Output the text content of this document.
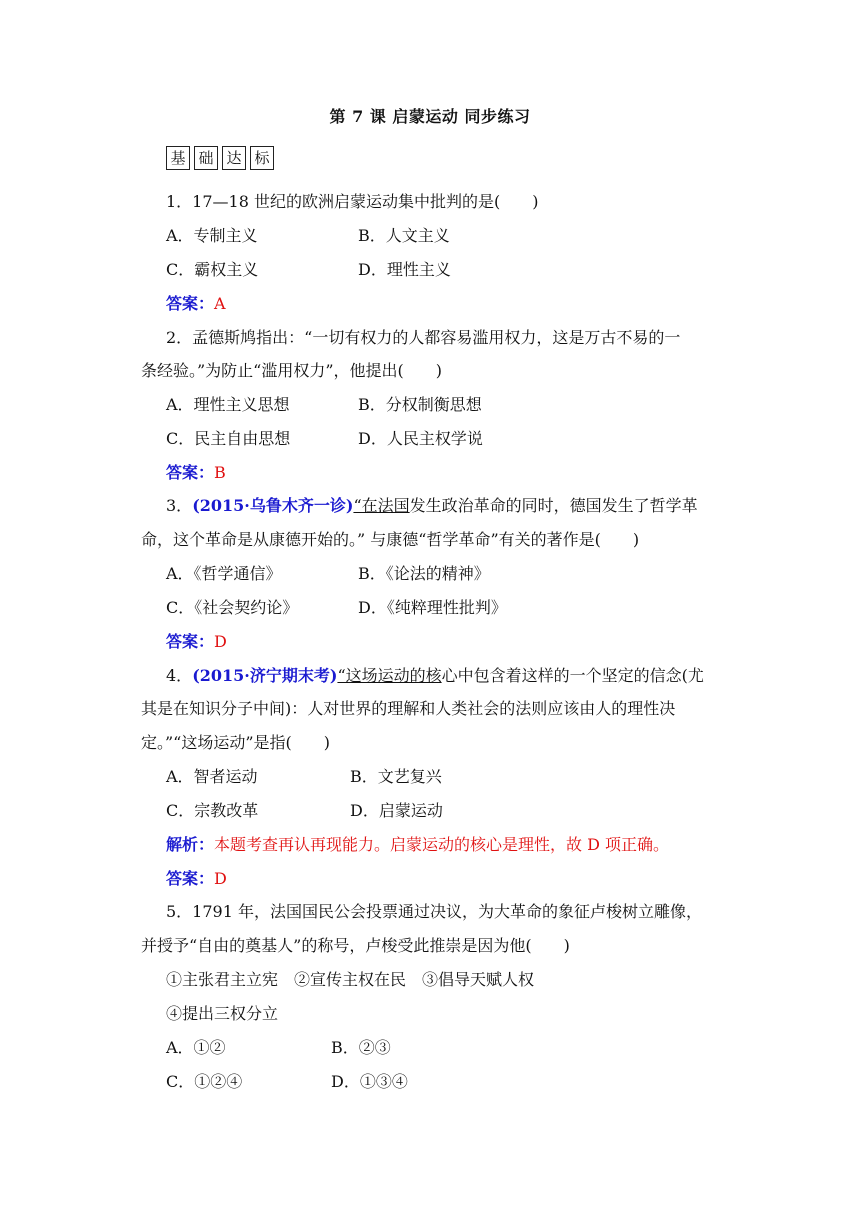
第 7 课 启蒙运动 同步练习
基 础 达 标
1．17—18 世纪的欧洲启蒙运动集中批判的是(　　)
A．专制主义	B．人文主义
C．霸权主义	D．理性主义
答案：A
2．孟德斯鸠指出：“一切有权力的人都容易滥用权力，这是万古不易的一
条经验。”为防止“滥用权力”，他提出(　　)
A．理性主义思想	B．分权制衡思想
C．民主自由思想	D．人民主权学说
答案：B
3．(2015·乌鲁木齐一诊)“在法国发生政治革命的同时，德国发生了哲学革
命，这个革命是从康德开始的。” 与康德“哲学革命”有关的著作是(　　)
A．《哲学通信》	B．《论法的精神》
C．《社会契约论》	D．《纯粹理性批判》
答案：D
4．(2015·济宁期末考)“这场运动的核心中包含着这样的一个坚定的信念(尤
其是在知识分子中间)：人对世界的理解和人类社会的法则应该由人的理性决
定。”“这场运动”是指(　　)
A．智者运动	B．文艺复兴
C．宗教改革	D．启蒙运动
解析：本题考查再认再现能力。启蒙运动的核心是理性，故 D 项正确。
答案：D
5．1791 年，法国国民公会投票通过决议，为大革命的象征卢梭树立雕像，
并授予“自由的奠基人”的称号，卢梭受此推崇是因为他(　　)
①主张君主立宪　②宣传主权在民　③倡导天赋人权
④提出三权分立
A．①②	B．②③
C．①②④	D．①③④
